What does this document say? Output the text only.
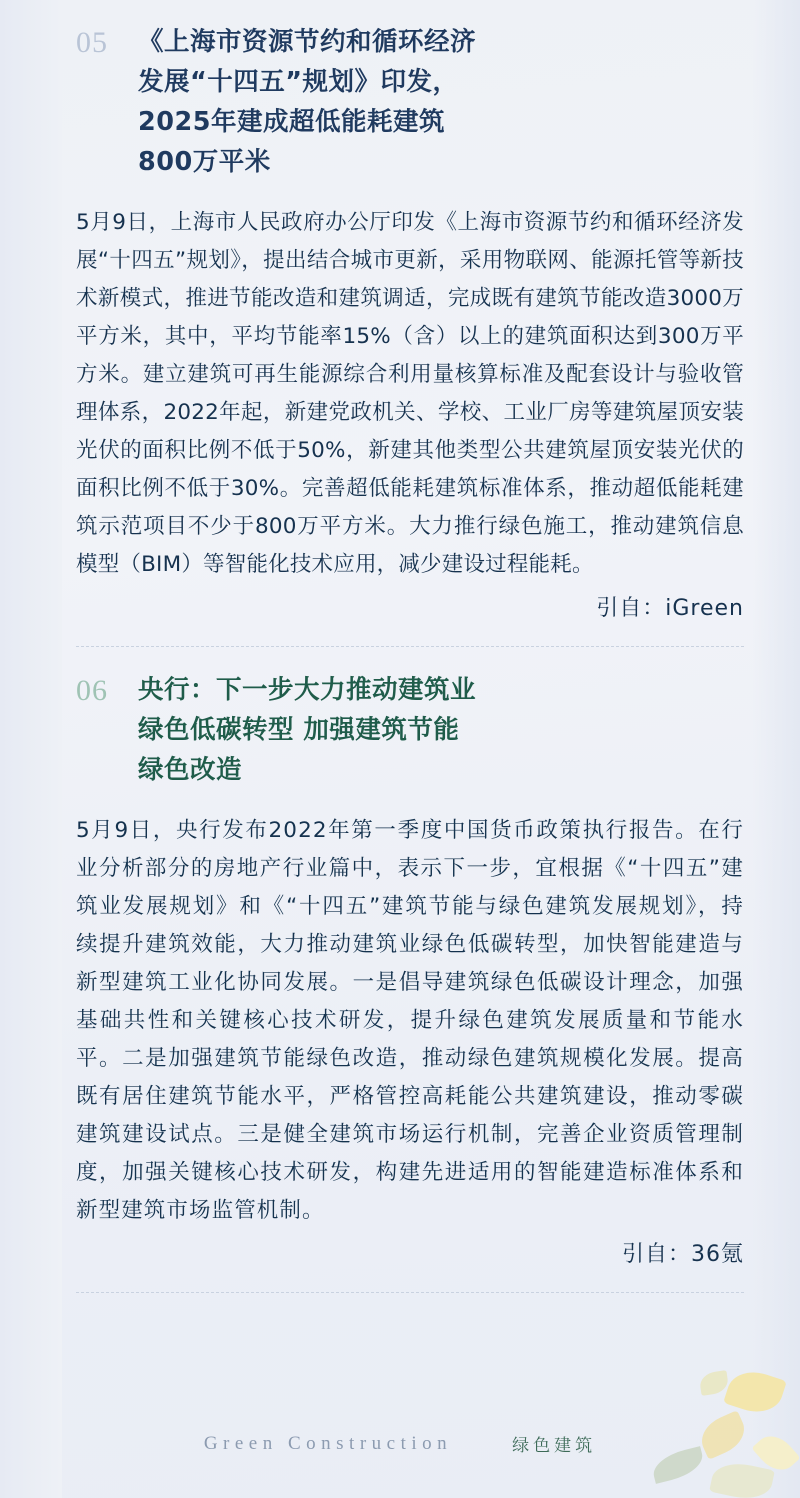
05	《上海市资源节约和循环经济
发展“十四五”规划》印发，
2025年建成超低能耗建筑
800万平米
5月9日，上海市人民政府办公厅印发《上海市资源节约和循环经济发展“十四五”规划》，提出结合城市更新，采用物联网、能源托管等新技术新模式，推进节能改造和建筑调适，完成既有建筑节能改造3000万平方米，其中，平均节能率15%（含）以上的建筑面积达到300万平方米。建立建筑可再生能源综合利用量核算标准及配套设计与验收管理体系，2022年起，新建党政机关、学校、工业厂房等建筑屋顶安装光伏的面积比例不低于50%，新建其他类型公共建筑屋顶安装光伏的面积比例不低于30%。完善超低能耗建筑标准体系，推动超低能耗建筑示范项目不少于800万平方米。大力推行绿色施工，推动建筑信息模型（BIM）等智能化技术应用，减少建设过程能耗。
引自：iGreen
06	央行：下一步大力推动建筑业
绿色低碳转型 加强建筑节能
绿色改造
5月9日，央行发布2022年第一季度中国货币政策执行报告。在行业分析部分的房地产行业篇中，表示下一步，宜根据《“十四五”建筑业发展规划》和《“十四五”建筑节能与绿色建筑发展规划》，持续提升建筑效能，大力推动建筑业绿色低碳转型，加快智能建造与新型建筑工业化协同发展。一是倡导建筑绿色低碳设计理念，加强基础共性和关键核心技术研发，提升绿色建筑发展质量和节能水平。二是加强建筑节能绿色改造，推动绿色建筑规模化发展。提高既有居住建筑节能水平，严格管控高耗能公共建筑建设，推动零碳建筑建设试点。三是健全建筑市场运行机制，完善企业资质管理制度，加强关键核心技术研发，构建先进适用的智能建造标准体系和新型建筑市场监管机制。
引自：36氪
Green Construction	绿色建筑
